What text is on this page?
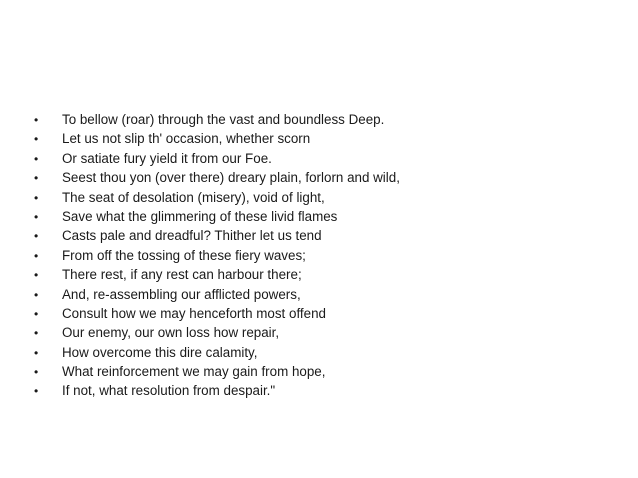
•	To bellow (roar) through the vast and boundless Deep.
•	Let us not slip th' occasion, whether scorn
•	Or satiate fury yield it from our Foe.
•	Seest thou yon (over there) dreary plain, forlorn and wild,
•	The seat of desolation (misery), void of light,
•	Save what the glimmering of these livid flames
•	Casts pale and dreadful? Thither let us tend
•	From off the tossing of these fiery waves;
•	There rest, if any rest can harbour there;
•	And, re-assembling our afflicted powers,
•	Consult how we may henceforth most offend
•	Our enemy, our own loss how repair,
•	How overcome this dire calamity,
•	What reinforcement we may gain from hope,
•	If not, what resolution from despair."
